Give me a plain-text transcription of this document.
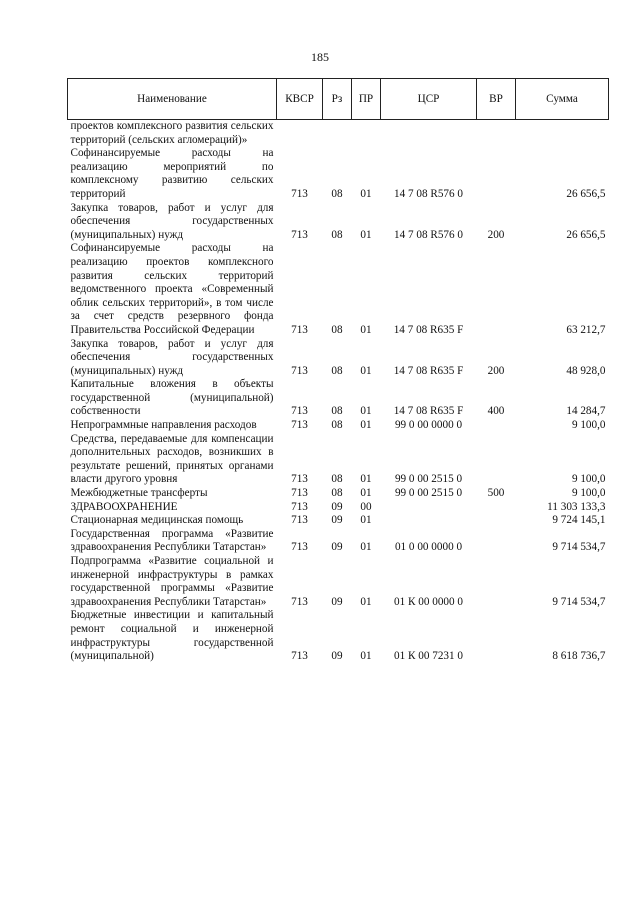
185
Наименование	КВСР	Рз	ПР	ЦСР	ВР	Сумма
проектов комплексного развития сельских территорий (сельских агломераций)»						
Софинансируемые расходы на реализацию мероприятий по комплексному развитию сельских территорий	713	08	01	14 7 08 R576 0		26 656,5
Закупка товаров, работ и услуг для обеспечения государственных (муниципальных) нужд	713	08	01	14 7 08 R576 0	200	26 656,5
Софинансируемые расходы на реализацию проектов комплексного развития сельских территорий ведомственного проекта «Современный облик сельских территорий», в том числе за счет средств резервного фонда Правительства Российской Федерации	713	08	01	14 7 08 R635 F		63 212,7
Закупка товаров, работ и услуг для обеспечения государственных (муниципальных) нужд	713	08	01	14 7 08 R635 F	200	48 928,0
Капитальные вложения в объекты государственной (муниципальной) собственности	713	08	01	14 7 08 R635 F	400	14 284,7
Непрограммные направления расходов	713	08	01	99 0 00 0000 0		9 100,0
Средства, передаваемые для компенсации дополнительных расходов, возникших в результате решений, принятых органами власти другого уровня	713	08	01	99 0 00 2515 0		9 100,0
Межбюджетные трансферты	713	08	01	99 0 00 2515 0	500	9 100,0
ЗДРАВООХРАНЕНИЕ	713	09	00			11 303 133,3
Стационарная медицинская помощь	713	09	01			9 724 145,1
Государственная программа «Развитие здравоохранения Республики Татарстан»	713	09	01	01 0 00 0000 0		9 714 534,7
Подпрограмма «Развитие социальной и инженерной инфраструктуры в рамках государственной программы «Развитие здравоохранения Республики Татарстан»	713	09	01	01 К 00 0000 0		9 714 534,7
Бюджетные инвестиции и капитальный ремонт социальной и инженерной инфраструктуры государственной (муниципальной)	713	09	01	01 К 00 7231 0		8 618 736,7
